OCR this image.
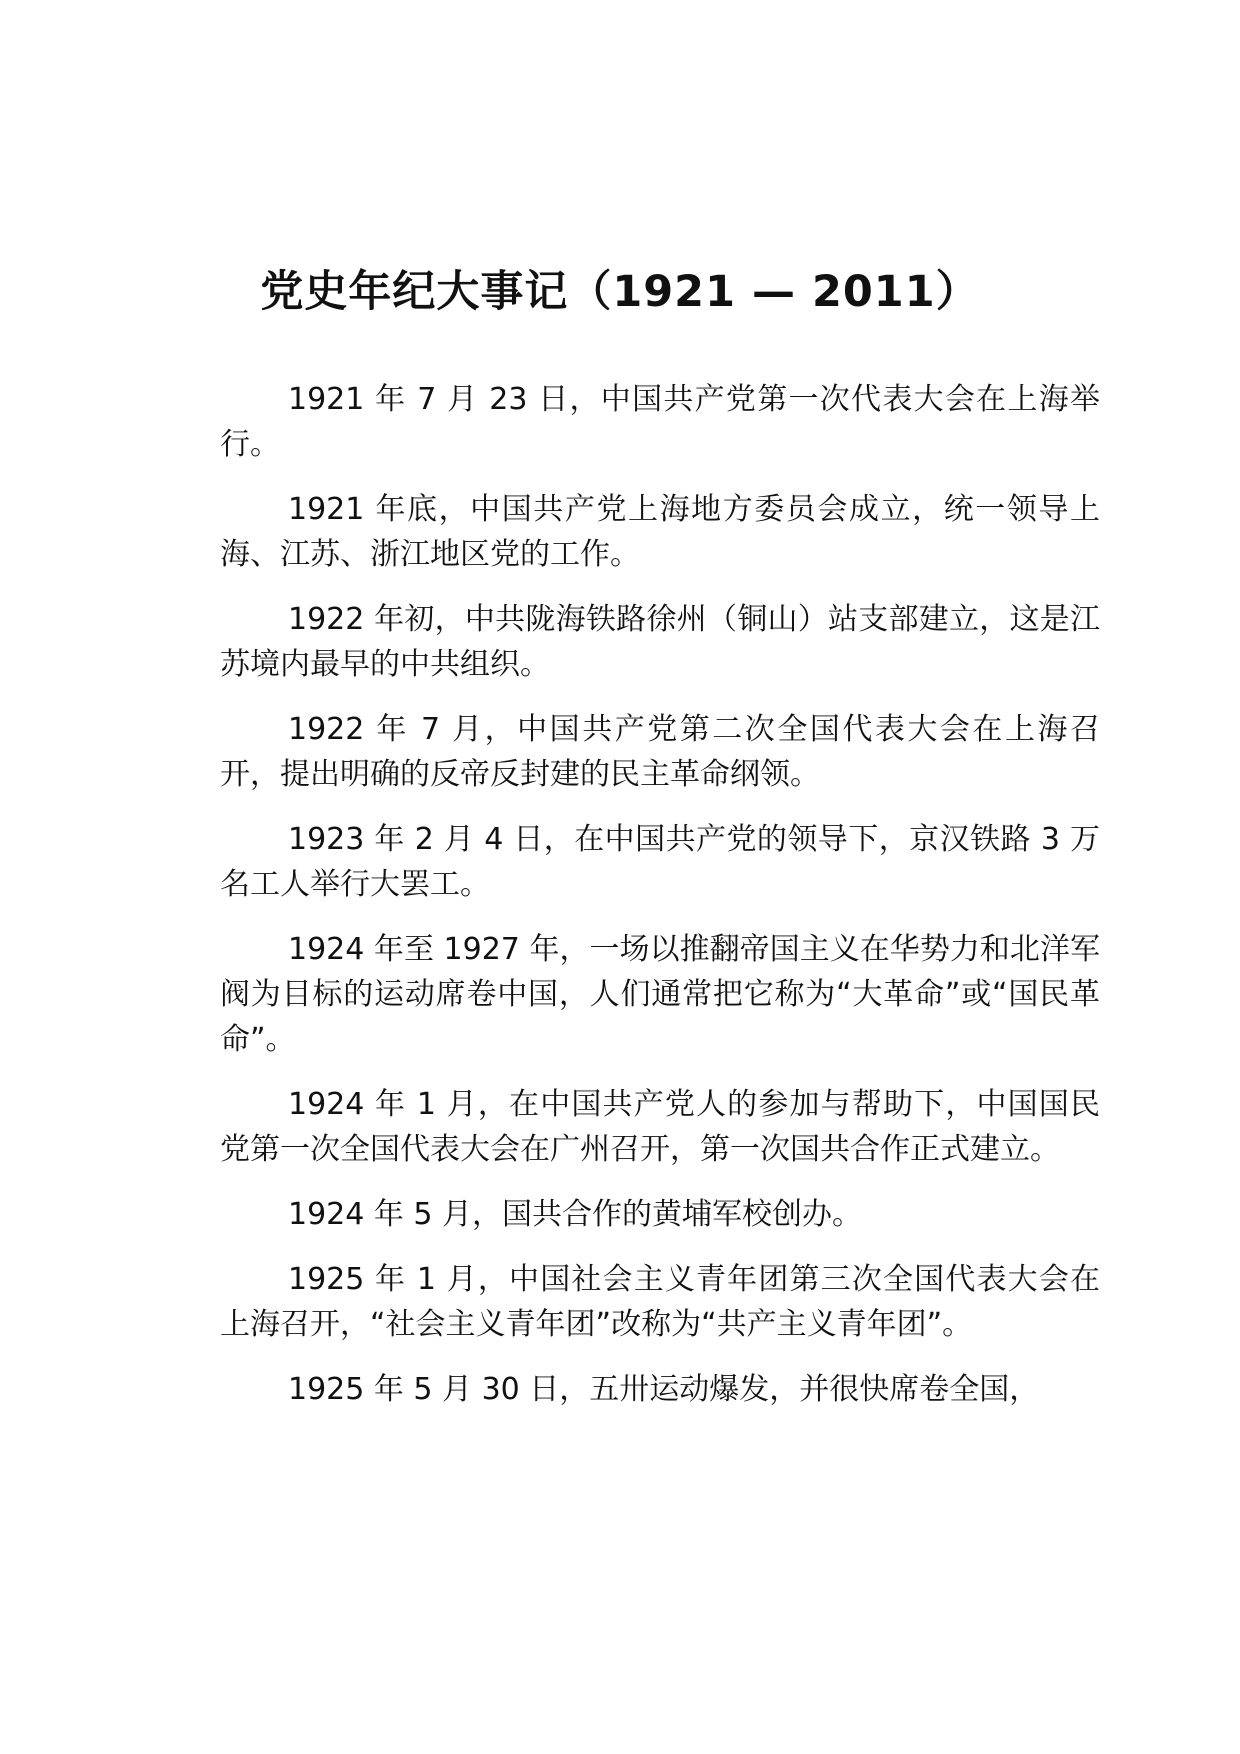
党史年纪大事记（1921 — 2011）

1921 年 7 月 23 日，中国共产党第一次代表大会在上海举行。

1921 年底，中国共产党上海地方委员会成立，统一领导上海、江苏、浙江地区党的工作。

1922 年初，中共陇海铁路徐州（铜山）站支部建立，这是江苏境内最早的中共组织。

1922 年 7 月，中国共产党第二次全国代表大会在上海召开，提出明确的反帝反封建的民主革命纲领。

1923 年 2 月 4 日，在中国共产党的领导下，京汉铁路 3 万名工人举行大罢工。

1924 年至 1927 年，一场以推翻帝国主义在华势力和北洋军阀为目标的运动席卷中国，人们通常把它称为“大革命”或“国民革命”。

1924 年 1 月，在中国共产党人的参加与帮助下，中国国民党第一次全国代表大会在广州召开，第一次国共合作正式建立。

1924 年 5 月，国共合作的黄埔军校创办。

1925 年 1 月，中国社会主义青年团第三次全国代表大会在上海召开，“社会主义青年团”改称为“共产主义青年团”。

1925 年 5 月 30 日，五卅运动爆发，并很快席卷全国，
